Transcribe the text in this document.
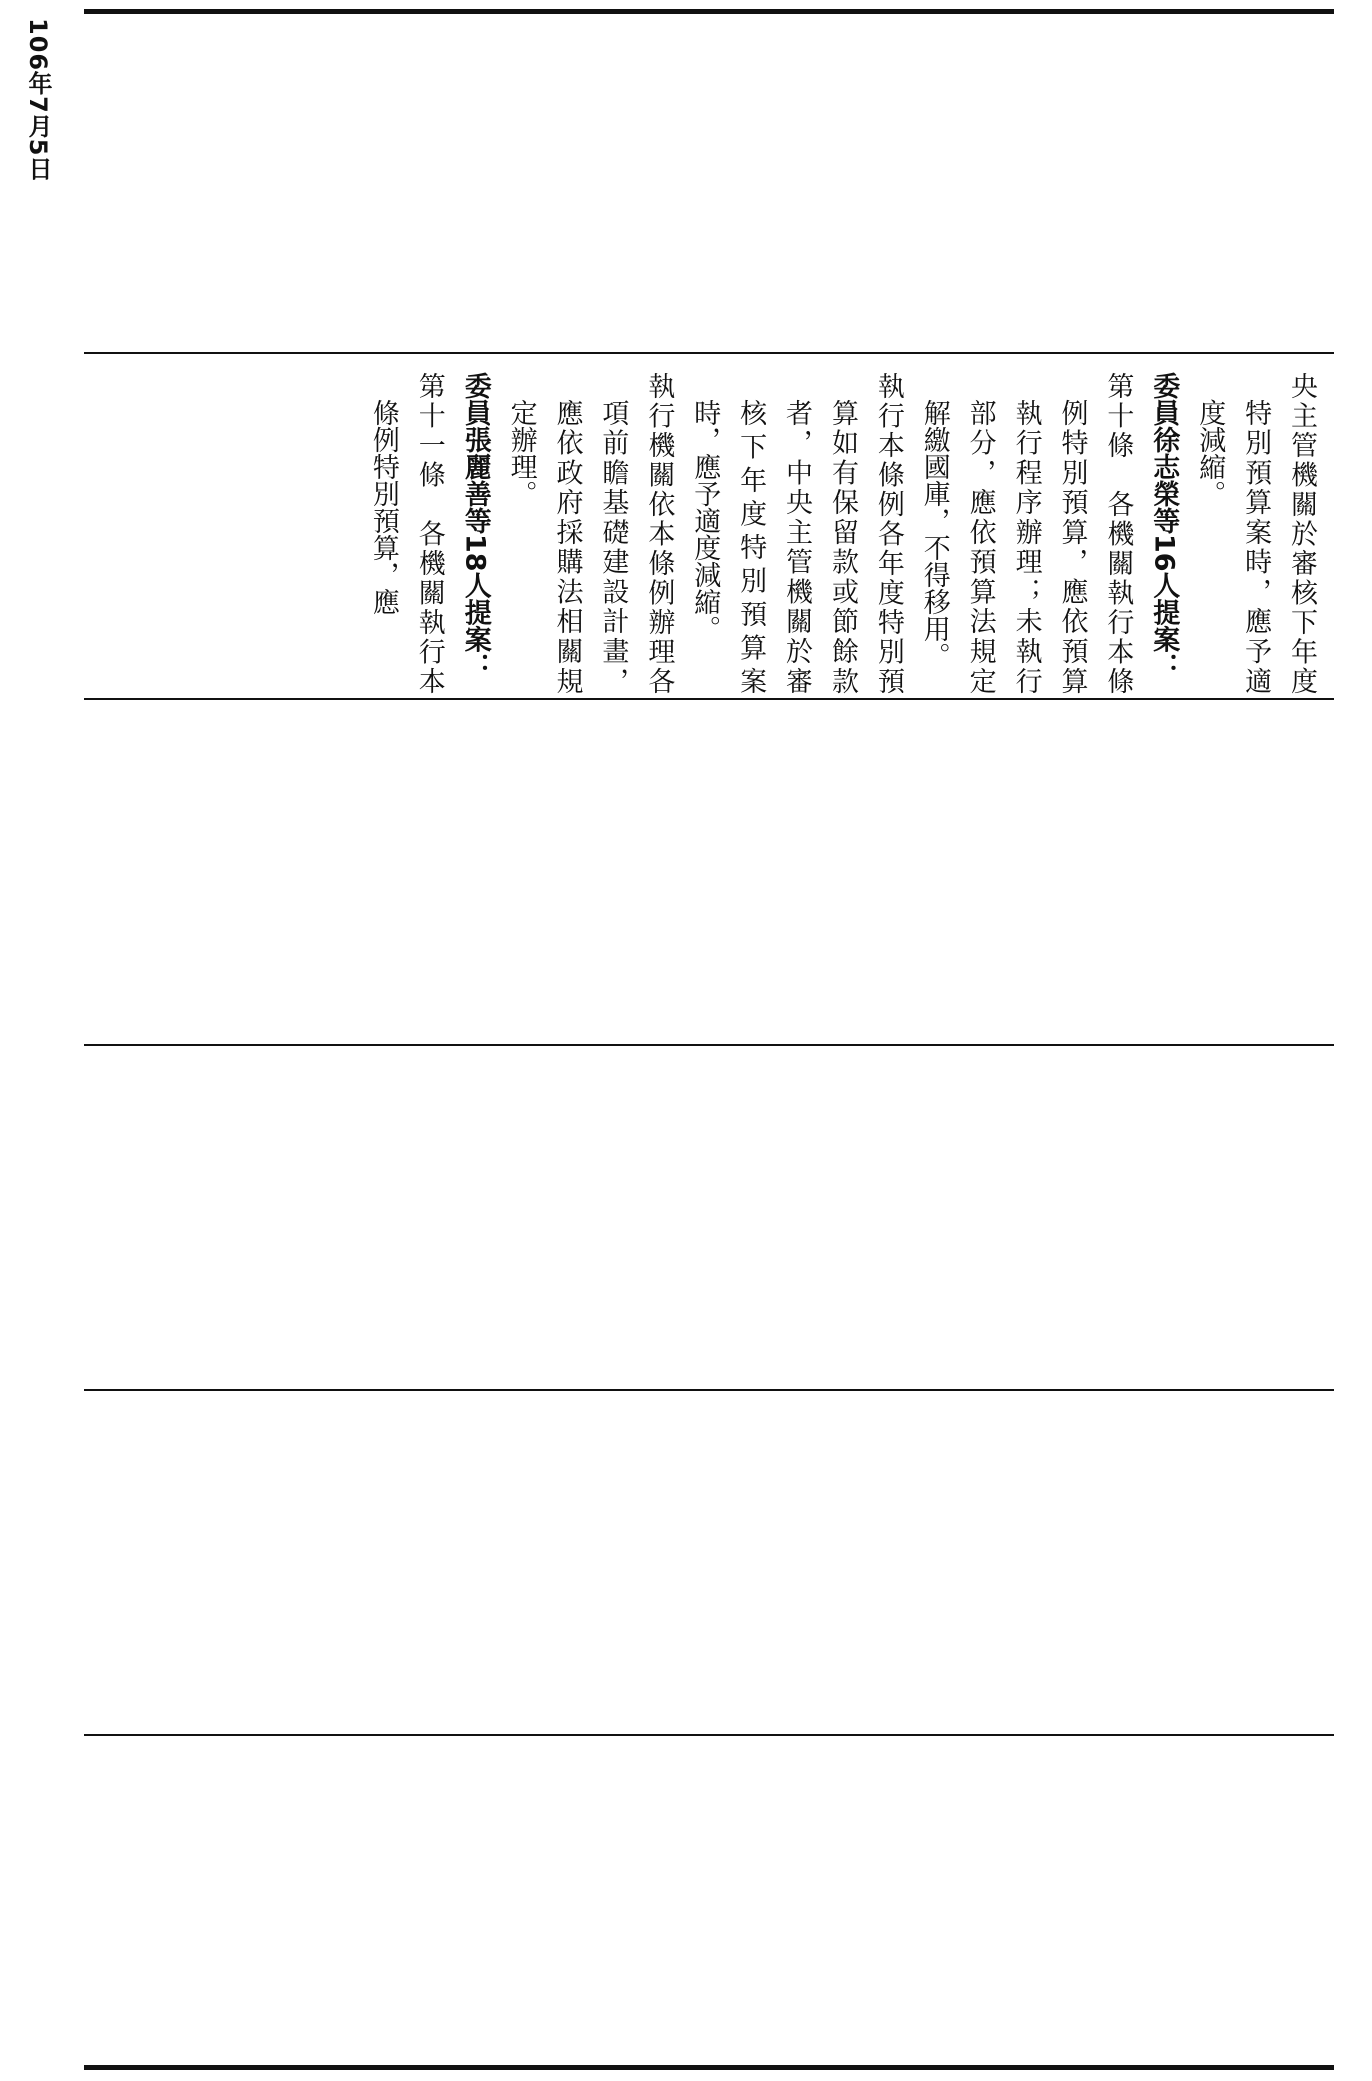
106年7月5日

央主管機關於審核下年度特別預算案時，應予適度減縮。

委員徐志榮等16人提案：

第十條　各機關執行本條例特別預算，應依預算執行程序辦理；未執行部分，應依預算法規定解繳國庫，不得移用。

執行本條例各年度特別預算如有保留款或節餘款者，中央主管機關於審核下年度特別預算案時，應予適度減縮。

執行機關依本條例辦理各項前瞻基礎建設計畫，應依政府採購法相關規定辦理。

委員張麗善等18人提案：

第十一條　各機關執行本條例特別預算，應
